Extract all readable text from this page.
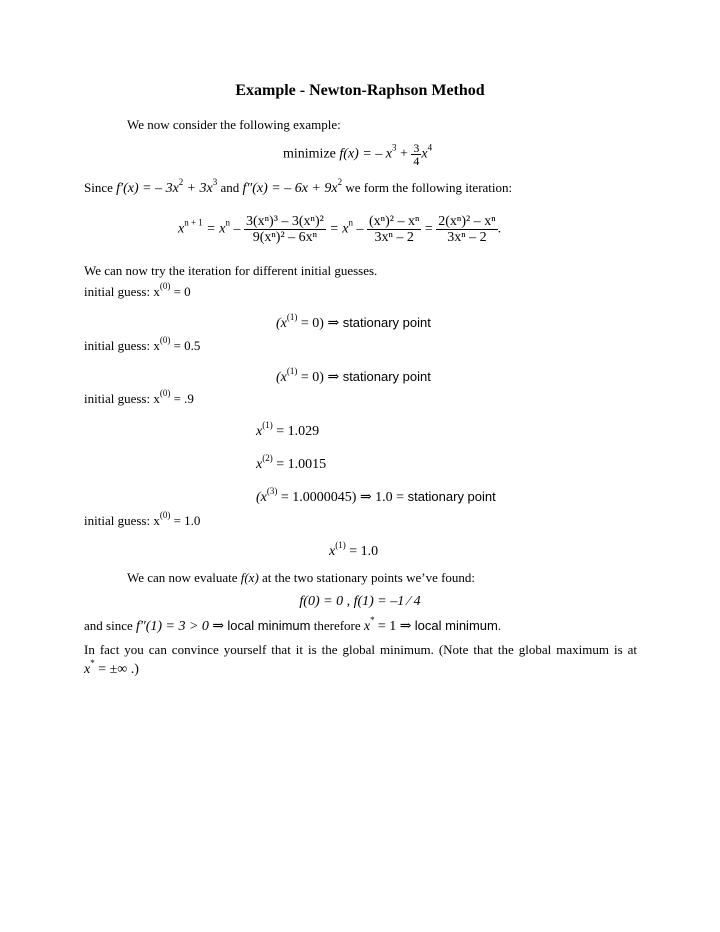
Example - Newton-Raphson Method
We now consider the following example:
minimize f(x) = – $x^3 + \frac{3}{4} x^4$
Since f′(x) = – $3x^2 + 3x^3$ and f″(x) = – $6x + 9x^2$ we form the following iteration:
$x^{n + 1} = x^n - \frac{\text{3(xⁿ)³ – 3(xⁿ)²}}{\text{9(xⁿ)² – 6xⁿ}} = x^n - \frac{\text{(xⁿ)² – xⁿ}}{\text{3xⁿ – 2}} = \frac{\text{2(xⁿ)² – xⁿ}}{\text{3xⁿ – 2}}$ .
We can now try the iteration for different initial guesses.
initial guess: $x^{(0)} = 0$
$(x^{(1)} = 0)$ ⇒ stationary point
initial guess: $x^{(0)} = 0.5$
$(x^{(1)} = 0)$ ⇒ stationary point
initial guess: $x^{(0)} = .9$
$x^{(1)} = 1.029$
$x^{(2)} = 1.0015$
$(x^{(3)} = 1.0000045)$ ⇒ 1.0 = stationary point
initial guess: $x^{(0)} = 1.0$
$x^{(1)} = 1.0$
We can now evaluate f(x) at the two stationary points we’ve found:
f(0) = 0 , f(1) = –1 ⁄ 4
and since f″(1) = 3 > 0 ⇒ local minimum therefore x* = 1 ⇒ local minimum.
In fact you can convince yourself that it is the global minimum. (Note that the global maximum is at
x* = ±∞ .)
